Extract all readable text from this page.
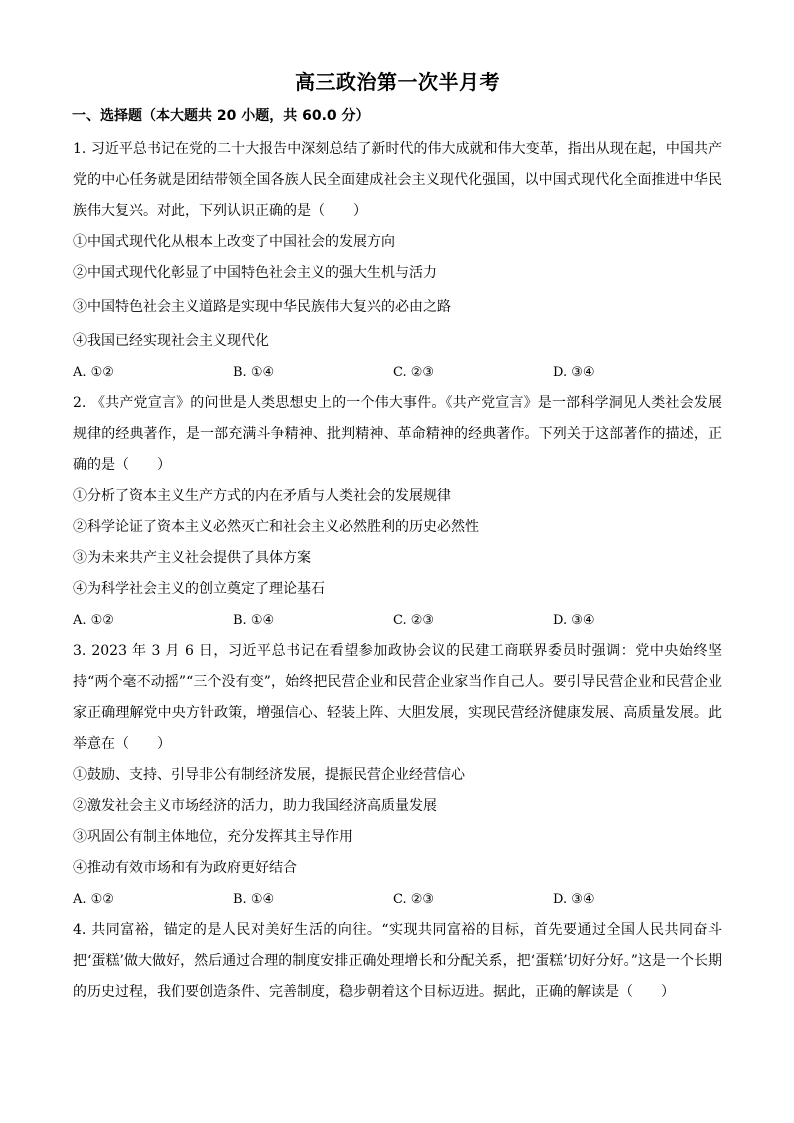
高三政治第一次半月考
一、选择题（本大题共 20 小题，共 60.0 分）

1. 习近平总书记在党的二十大报告中深刻总结了新时代的伟大成就和伟大变革，指出从现在起，中国共产党的中心任务就是团结带领全国各族人民全面建成社会主义现代化强国，以中国式现代化全面推进中华民族伟大复兴。对此，下列认识正确的是（　　）

①中国式现代化从根本上改变了中国社会的发展方向

②中国式现代化彰显了中国特色社会主义的强大生机与活力

③中国特色社会主义道路是实现中华民族伟大复兴的必由之路

④我国已经实现社会主义现代化

A. ①②	B. ①④	C. ②③	D. ③④

2. 《共产党宣言》的问世是人类思想史上的一个伟大事件。《共产党宣言》是一部科学洞见人类社会发展规律的经典著作，是一部充满斗争精神、批判精神、革命精神的经典著作。下列关于这部著作的描述，正确的是（　　）

①分析了资本主义生产方式的内在矛盾与人类社会的发展规律

②科学论证了资本主义必然灭亡和社会主义必然胜利的历史必然性

③为未来共产主义社会提供了具体方案

④为科学社会主义的创立奠定了理论基石

A. ①②	B. ①④	C. ②③	D. ③④

3. 2023 年 3 月 6 日，习近平总书记在看望参加政协会议的民建工商联界委员时强调：党中央始终坚持“两个毫不动摇”“三个没有变”，始终把民营企业和民营企业家当作自己人。要引导民营企业和民营企业家正确理解党中央方针政策，增强信心、轻装上阵、大胆发展，实现民营经济健康发展、高质量发展。此举意在（　　）

①鼓励、支持、引导非公有制经济发展，提振民营企业经营信心

②激发社会主义市场经济的活力，助力我国经济高质量发展

③巩固公有制主体地位，充分发挥其主导作用

④推动有效市场和有为政府更好结合

A. ①②	B. ①④	C. ②③	D. ③④

4. 共同富裕，锚定的是人民对美好生活的向往。“实现共同富裕的目标，首先要通过全国人民共同奋斗把‘蛋糕’做大做好，然后通过合理的制度安排正确处理增长和分配关系，把‘蛋糕’切好分好。”这是一个长期的历史过程，我们要创造条件、完善制度，稳步朝着这个目标迈进。据此，正确的解读是（　　）
